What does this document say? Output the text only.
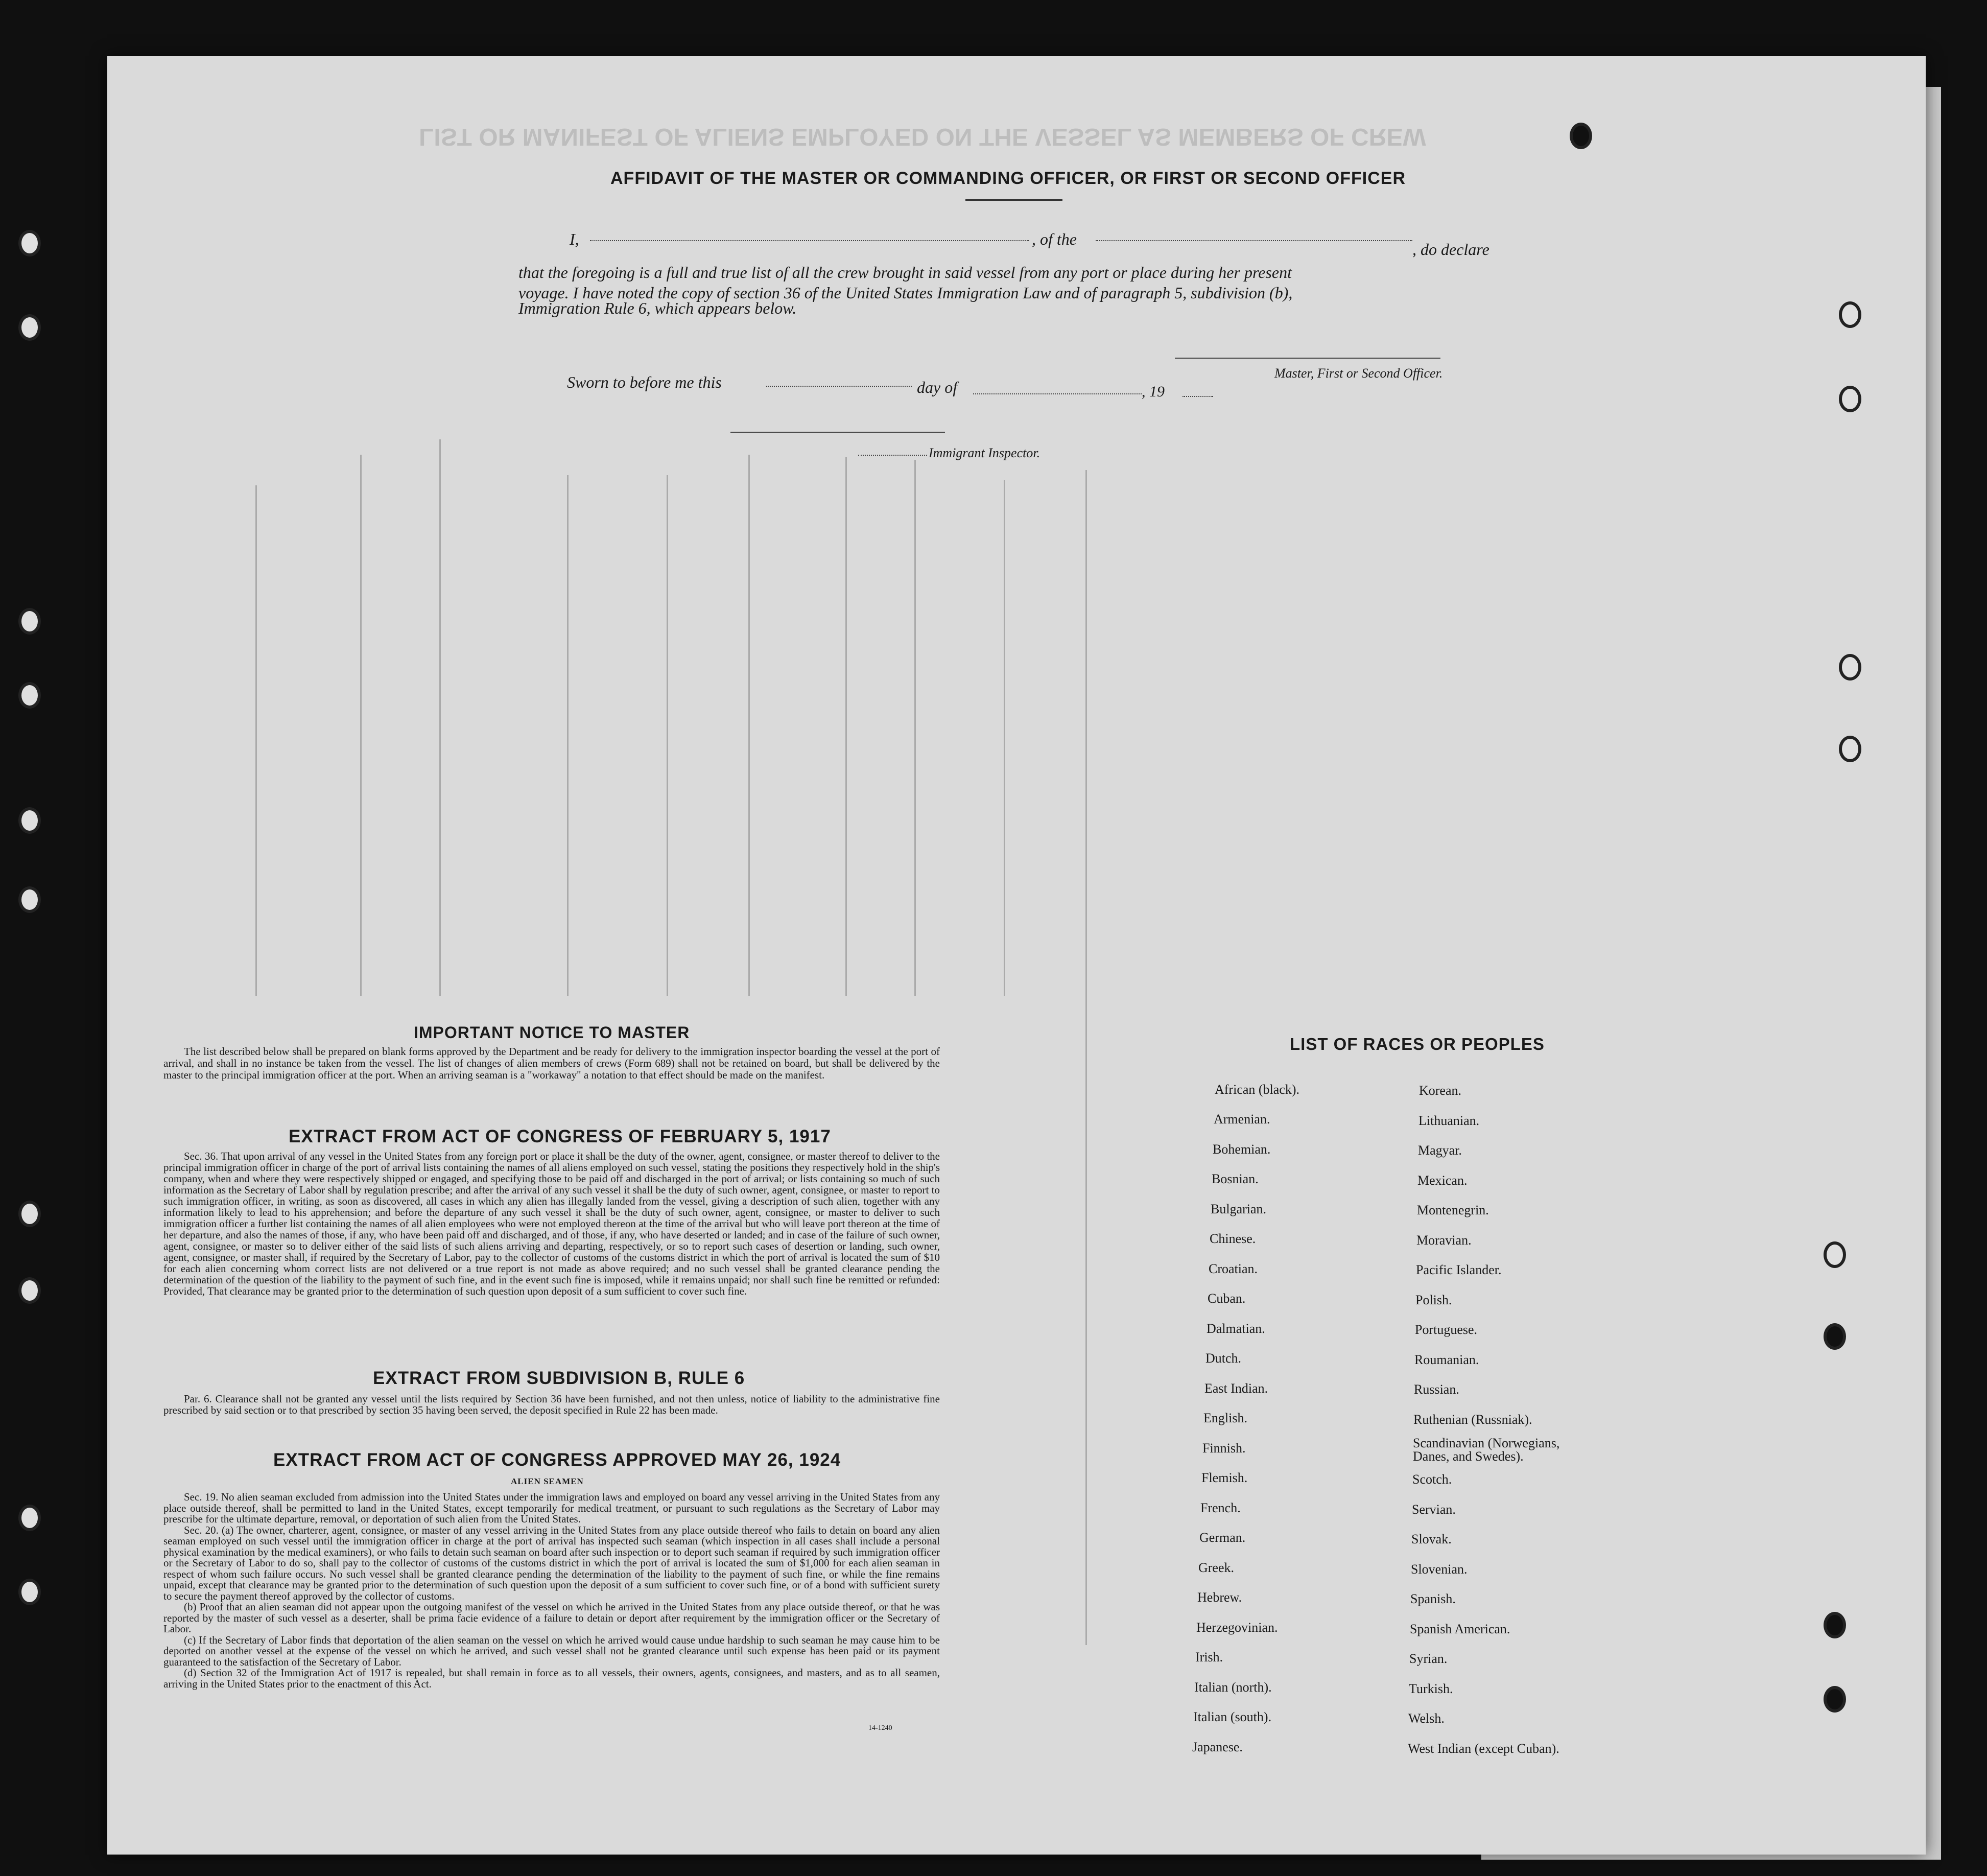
LIST OR MANIFEST OF ALIENS EMPLOYED ON THE VESSEL AS MEMBERS OF CREW
AFFIDAVIT OF THE MASTER OR COMMANDING OFFICER, OR FIRST OR SECOND OFFICER
I,	, of the
, do declare
that the foregoing is a full and true list of all the crew brought in said vessel from any port or place during her present
voyage. I have noted the copy of section 36 of the United States Immigration Law and of paragraph 5, subdivision (b),
Immigration Rule 6, which appears below.
Master, First or Second Officer.
Sworn to before me this	day of	, 19
Immigrant Inspector.
IMPORTANT NOTICE TO MASTER

The list described below shall be prepared on blank forms approved by the Department and be ready for delivery to the immigration inspector boarding the vessel at the port of arrival, and shall in no instance be taken from the vessel. The list of changes of alien members of crews (Form 689) shall not be retained on board, but shall be delivered by the master to the principal immigration officer at the port. When an arriving seaman is a "workaway" a notation to that effect should be made on the manifest.

EXTRACT FROM ACT OF CONGRESS OF FEBRUARY 5, 1917

Sec. 36. That upon arrival of any vessel in the United States from any foreign port or place it shall be the duty of the owner, agent, consignee, or master thereof to deliver to the principal immigration officer in charge of the port of arrival lists containing the names of all aliens employed on such vessel, stating the positions they respectively hold in the ship's company, when and where they were respectively shipped or engaged, and specifying those to be paid off and discharged in the port of arrival; or lists containing so much of such information as the Secretary of Labor shall by regulation prescribe; and after the arrival of any such vessel it shall be the duty of such owner, agent, consignee, or master to report to such immigration officer, in writing, as soon as discovered, all cases in which any alien has illegally landed from the vessel, giving a description of such alien, together with any information likely to lead to his apprehension; and before the departure of any such vessel it shall be the duty of such owner, agent, consignee, or master to deliver to such immigration officer a further list containing the names of all alien employees who were not employed thereon at the time of the arrival but who will leave port thereon at the time of her departure, and also the names of those, if any, who have been paid off and discharged, and of those, if any, who have deserted or landed; and in case of the failure of such owner, agent, consignee, or master so to deliver either of the said lists of such aliens arriving and departing, respectively, or so to report such cases of desertion or landing, such owner, agent, consignee, or master shall, if required by the Secretary of Labor, pay to the collector of customs of the customs district in which the port of arrival is located the sum of $10 for each alien concerning whom correct lists are not delivered or a true report is not made as above required; and no such vessel shall be granted clearance pending the determination of the question of the liability to the payment of such fine, and in the event such fine is imposed, while it remains unpaid; nor shall such fine be remitted or refunded: Provided, That clearance may be granted prior to the determination of such question upon deposit of a sum sufficient to cover such fine.

EXTRACT FROM SUBDIVISION B, RULE 6

Par. 6. Clearance shall not be granted any vessel until the lists required by Section 36 have been furnished, and not then unless, notice of liability to the administrative fine prescribed by said section or to that prescribed by section 35 having been served, the deposit specified in Rule 22 has been made.

EXTRACT FROM ACT OF CONGRESS APPROVED MAY 26, 1924
ALIEN SEAMEN

Sec. 19. No alien seaman excluded from admission into the United States under the immigration laws and employed on board any vessel arriving in the United States from any place outside thereof, shall be permitted to land in the United States, except temporarily for medical treatment, or pursuant to such regulations as the Secretary of Labor may prescribe for the ultimate departure, removal, or deportation of such alien from the United States.

Sec. 20. (a) The owner, charterer, agent, consignee, or master of any vessel arriving in the United States from any place outside thereof who fails to detain on board any alien seaman employed on such vessel until the immigration officer in charge at the port of arrival has inspected such seaman (which inspection in all cases shall include a personal physical examination by the medical examiners), or who fails to detain such seaman on board after such inspection or to deport such seaman if required by such immigration officer or the Secretary of Labor to do so, shall pay to the collector of customs of the customs district in which the port of arrival is located the sum of $1,000 for each alien seaman in respect of whom such failure occurs. No such vessel shall be granted clearance pending the determination of the liability to the payment of such fine, or while the fine remains unpaid, except that clearance may be granted prior to the determination of such question upon the deposit of a sum sufficient to cover such fine, or of a bond with sufficient surety to secure the payment thereof approved by the collector of customs.

(b) Proof that an alien seaman did not appear upon the outgoing manifest of the vessel on which he arrived in the United States from any place outside thereof, or that he was reported by the master of such vessel as a deserter, shall be prima facie evidence of a failure to detain or deport after requirement by the immigration officer or the Secretary of Labor.

(c) If the Secretary of Labor finds that deportation of the alien seaman on the vessel on which he arrived would cause undue hardship to such seaman he may cause him to be deported on another vessel at the expense of the vessel on which he arrived, and such vessel shall not be granted clearance until such expense has been paid or its payment guaranteed to the satisfaction of the Secretary of Labor.

(d) Section 32 of the Immigration Act of 1917 is repealed, but shall remain in force as to all vessels, their owners, agents, consignees, and masters, and as to all seamen, arriving in the United States prior to the enactment of this Act.

14-1240
LIST OF RACES OR PEOPLES
African (black).
Armenian.
Bohemian.
Bosnian.
Bulgarian.
Chinese.
Croatian.
Cuban.
Dalmatian.
Dutch.
East Indian.
English.
Finnish.
Flemish.
French.
German.
Greek.
Hebrew.
Herzegovinian.
Irish.
Italian (north).
Italian (south).
Japanese.
Korean.
Lithuanian.
Magyar.
Mexican.
Montenegrin.
Moravian.
Pacific Islander.
Polish.
Portuguese.
Roumanian.
Russian.
Ruthenian (Russniak).
Scandinavian (Norwegians, Danes, and Swedes).
Scotch.
Servian.
Slovak.
Slovenian.
Spanish.
Spanish American.
Syrian.
Turkish.
Welsh.
West Indian (except Cuban).
